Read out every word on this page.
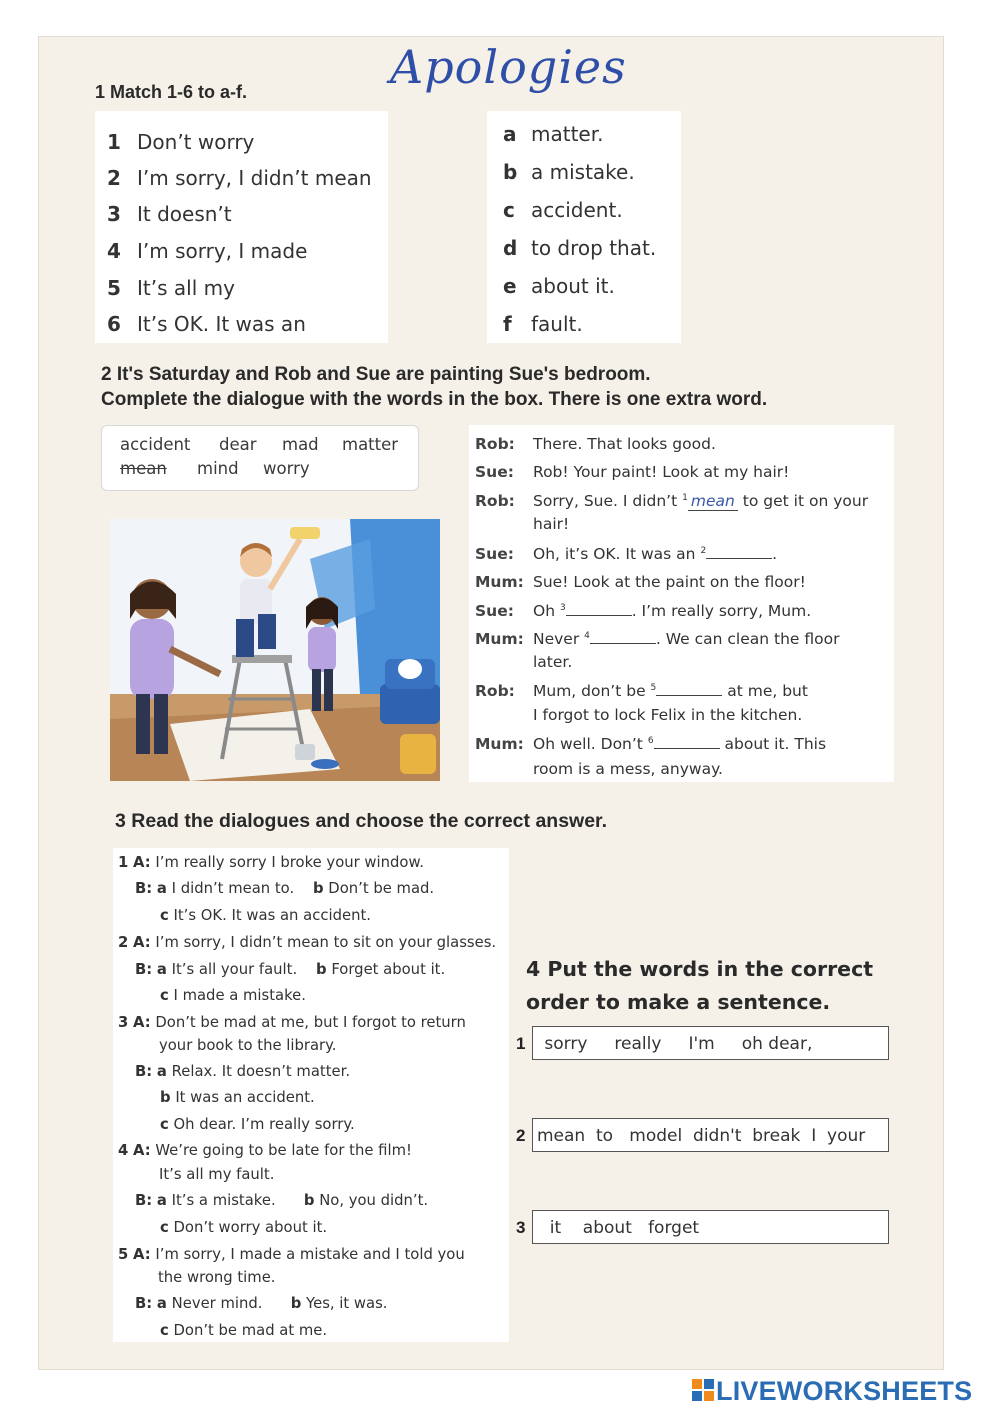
Apologies
1 Match 1-6 to a-f.
1 Don’t worry
2 I’m sorry, I didn’t mean
3 It doesn’t
4 I’m sorry, I made
5 It’s all my
6 It’s OK. It was an
a matter.
b a mistake.
c accident.
d to drop that.
e about it.
f fault.
2 It's Saturday and Rob and Sue are painting Sue's bedroom.
Complete the dialogue with the words in the box. There is one extra word.
accident dear mad matter
mean mind worry
Rob: There. That looks good.
Sue: Rob! Your paint! Look at my hair!
Rob: Sorry, Sue. I didn’t $^1$ mean to get it on your
hair!
Sue: Oh, it’s OK. It was an $^2$	.
Mum: Sue! Look at the paint on the floor!
Sue: Oh $^3$	. I’m really sorry, Mum.
Mum: Never $^4$	. We can clean the floor
later.
Rob: Mum, don’t be $^5$	at me, but
I forgot to lock Felix in the kitchen.
Mum: Oh well. Don’t $^6$	about it. This
room is a mess, anyway.
3 Read the dialogues and choose the correct answer.
1 A: I’m really sorry I broke your window.
B: a I didn’t mean to. b Don’t be mad.
c It’s OK. It was an accident.
2 A: I’m sorry, I didn’t mean to sit on your glasses.
B: a It’s all your fault. b Forget about it.
c I made a mistake.
3 A: Don’t be mad at me, but I forgot to return
your book to the library.
B: a Relax. It doesn’t matter.
b It was an accident.
c Oh dear. I’m really sorry.
4 A: We’re going to be late for the film!
It’s all my fault.
B: a It’s a mistake. b No, you didn’t.
c Don’t worry about it.
5 A: I’m sorry, I made a mistake and I told you
the wrong time.
B: a Never mind. b Yes, it was.
c Don’t be mad at me.
4 Put the words in the correct
order to make a sentence.
1 sorry     really     I'm     oh dear,
2 mean  to   model  didn't  break  I  your
3 it    about   forget
LIVEWORKSHEETS
